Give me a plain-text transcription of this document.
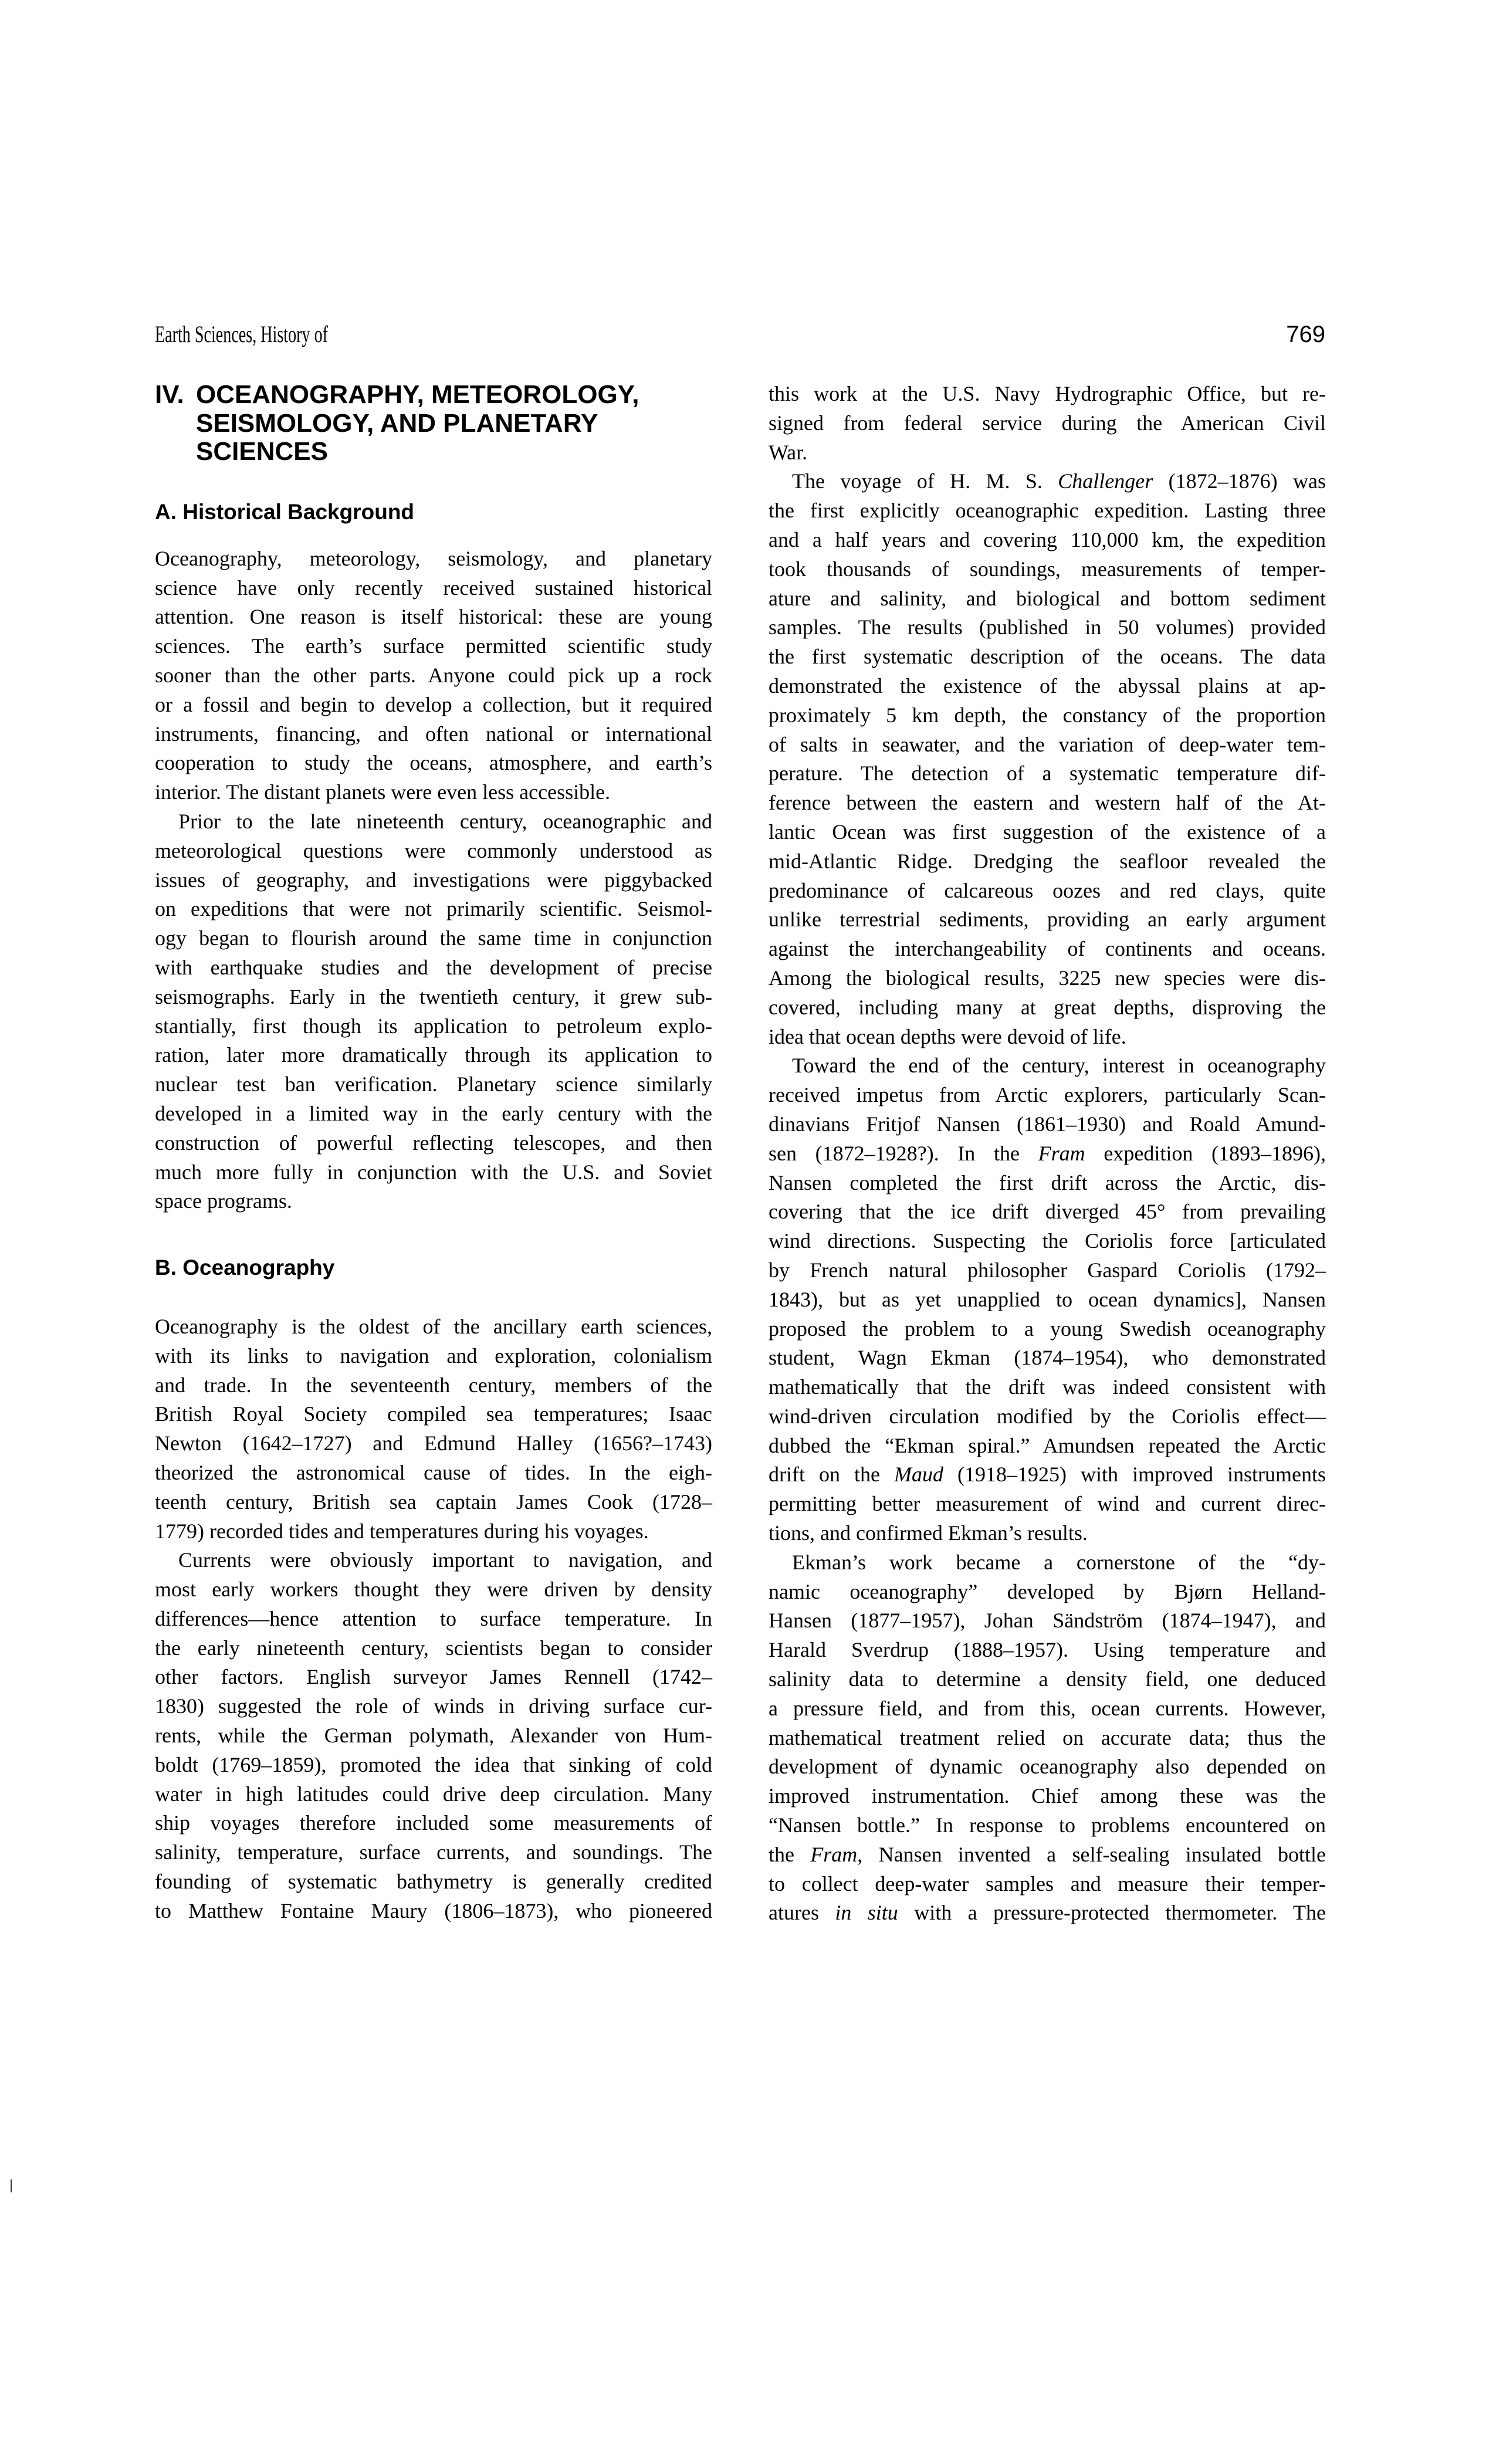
Earth Sciences, History of	769
IV. OCEANOGRAPHY, METEOROLOGY,
SEISMOLOGY, AND PLANETARY
SCIENCES
A. Historical Background
Oceanography, meteorology, seismology, and planetary
science have only recently received sustained historical
attention. One reason is itself historical: these are young
sciences. The earth’s surface permitted scientific study
sooner than the other parts. Anyone could pick up a rock
or a fossil and begin to develop a collection, but it required
instruments, financing, and often national or international
cooperation to study the oceans, atmosphere, and earth’s
interior. The distant planets were even less accessible.
Prior to the late nineteenth century, oceanographic and
meteorological questions were commonly understood as
issues of geography, and investigations were piggybacked
on expeditions that were not primarily scientific. Seismol-
ogy began to flourish around the same time in conjunction
with earthquake studies and the development of precise
seismographs. Early in the twentieth century, it grew sub-
stantially, first though its application to petroleum explo-
ration, later more dramatically through its application to
nuclear test ban verification. Planetary science similarly
developed in a limited way in the early century with the
construction of powerful reflecting telescopes, and then
much more fully in conjunction with the U.S. and Soviet
space programs.
B. Oceanography
Oceanography is the oldest of the ancillary earth sciences,
with its links to navigation and exploration, colonialism
and trade. In the seventeenth century, members of the
British Royal Society compiled sea temperatures; Isaac
Newton (1642–1727) and Edmund Halley (1656?–1743)
theorized the astronomical cause of tides. In the eigh-
teenth century, British sea captain James Cook (1728–
1779) recorded tides and temperatures during his voyages.
Currents were obviously important to navigation, and
most early workers thought they were driven by density
differences—hence attention to surface temperature. In
the early nineteenth century, scientists began to consider
other factors. English surveyor James Rennell (1742–
1830) suggested the role of winds in driving surface cur-
rents, while the German polymath, Alexander von Hum-
boldt (1769–1859), promoted the idea that sinking of cold
water in high latitudes could drive deep circulation. Many
ship voyages therefore included some measurements of
salinity, temperature, surface currents, and soundings. The
founding of systematic bathymetry is generally credited
to Matthew Fontaine Maury (1806–1873), who pioneered
this work at the U.S. Navy Hydrographic Office, but re-
signed from federal service during the American Civil
War.
The voyage of H. M. S. Challenger (1872–1876) was
the first explicitly oceanographic expedition. Lasting three
and a half years and covering 110,000 km, the expedition
took thousands of soundings, measurements of temper-
ature and salinity, and biological and bottom sediment
samples. The results (published in 50 volumes) provided
the first systematic description of the oceans. The data
demonstrated the existence of the abyssal plains at ap-
proximately 5 km depth, the constancy of the proportion
of salts in seawater, and the variation of deep-water tem-
perature. The detection of a systematic temperature dif-
ference between the eastern and western half of the At-
lantic Ocean was first suggestion of the existence of a
mid-Atlantic Ridge. Dredging the seafloor revealed the
predominance of calcareous oozes and red clays, quite
unlike terrestrial sediments, providing an early argument
against the interchangeability of continents and oceans.
Among the biological results, 3225 new species were dis-
covered, including many at great depths, disproving the
idea that ocean depths were devoid of life.
Toward the end of the century, interest in oceanography
received impetus from Arctic explorers, particularly Scan-
dinavians Fritjof Nansen (1861–1930) and Roald Amund-
sen (1872–1928?). In the Fram expedition (1893–1896),
Nansen completed the first drift across the Arctic, dis-
covering that the ice drift diverged 45° from prevailing
wind directions. Suspecting the Coriolis force [articulated
by French natural philosopher Gaspard Coriolis (1792–
1843), but as yet unapplied to ocean dynamics], Nansen
proposed the problem to a young Swedish oceanography
student, Wagn Ekman (1874–1954), who demonstrated
mathematically that the drift was indeed consistent with
wind-driven circulation modified by the Coriolis effect—
dubbed the “Ekman spiral.” Amundsen repeated the Arctic
drift on the Maud (1918–1925) with improved instruments
permitting better measurement of wind and current direc-
tions, and confirmed Ekman’s results.
Ekman’s work became a cornerstone of the “dy-
namic oceanography” developed by Bjørn Helland-
Hansen (1877–1957), Johan Sändström (1874–1947), and
Harald Sverdrup (1888–1957). Using temperature and
salinity data to determine a density field, one deduced
a pressure field, and from this, ocean currents. However,
mathematical treatment relied on accurate data; thus the
development of dynamic oceanography also depended on
improved instrumentation. Chief among these was the
“Nansen bottle.” In response to problems encountered on
the Fram, Nansen invented a self-sealing insulated bottle
to collect deep-water samples and measure their temper-
atures in situ with a pressure-protected thermometer. The
